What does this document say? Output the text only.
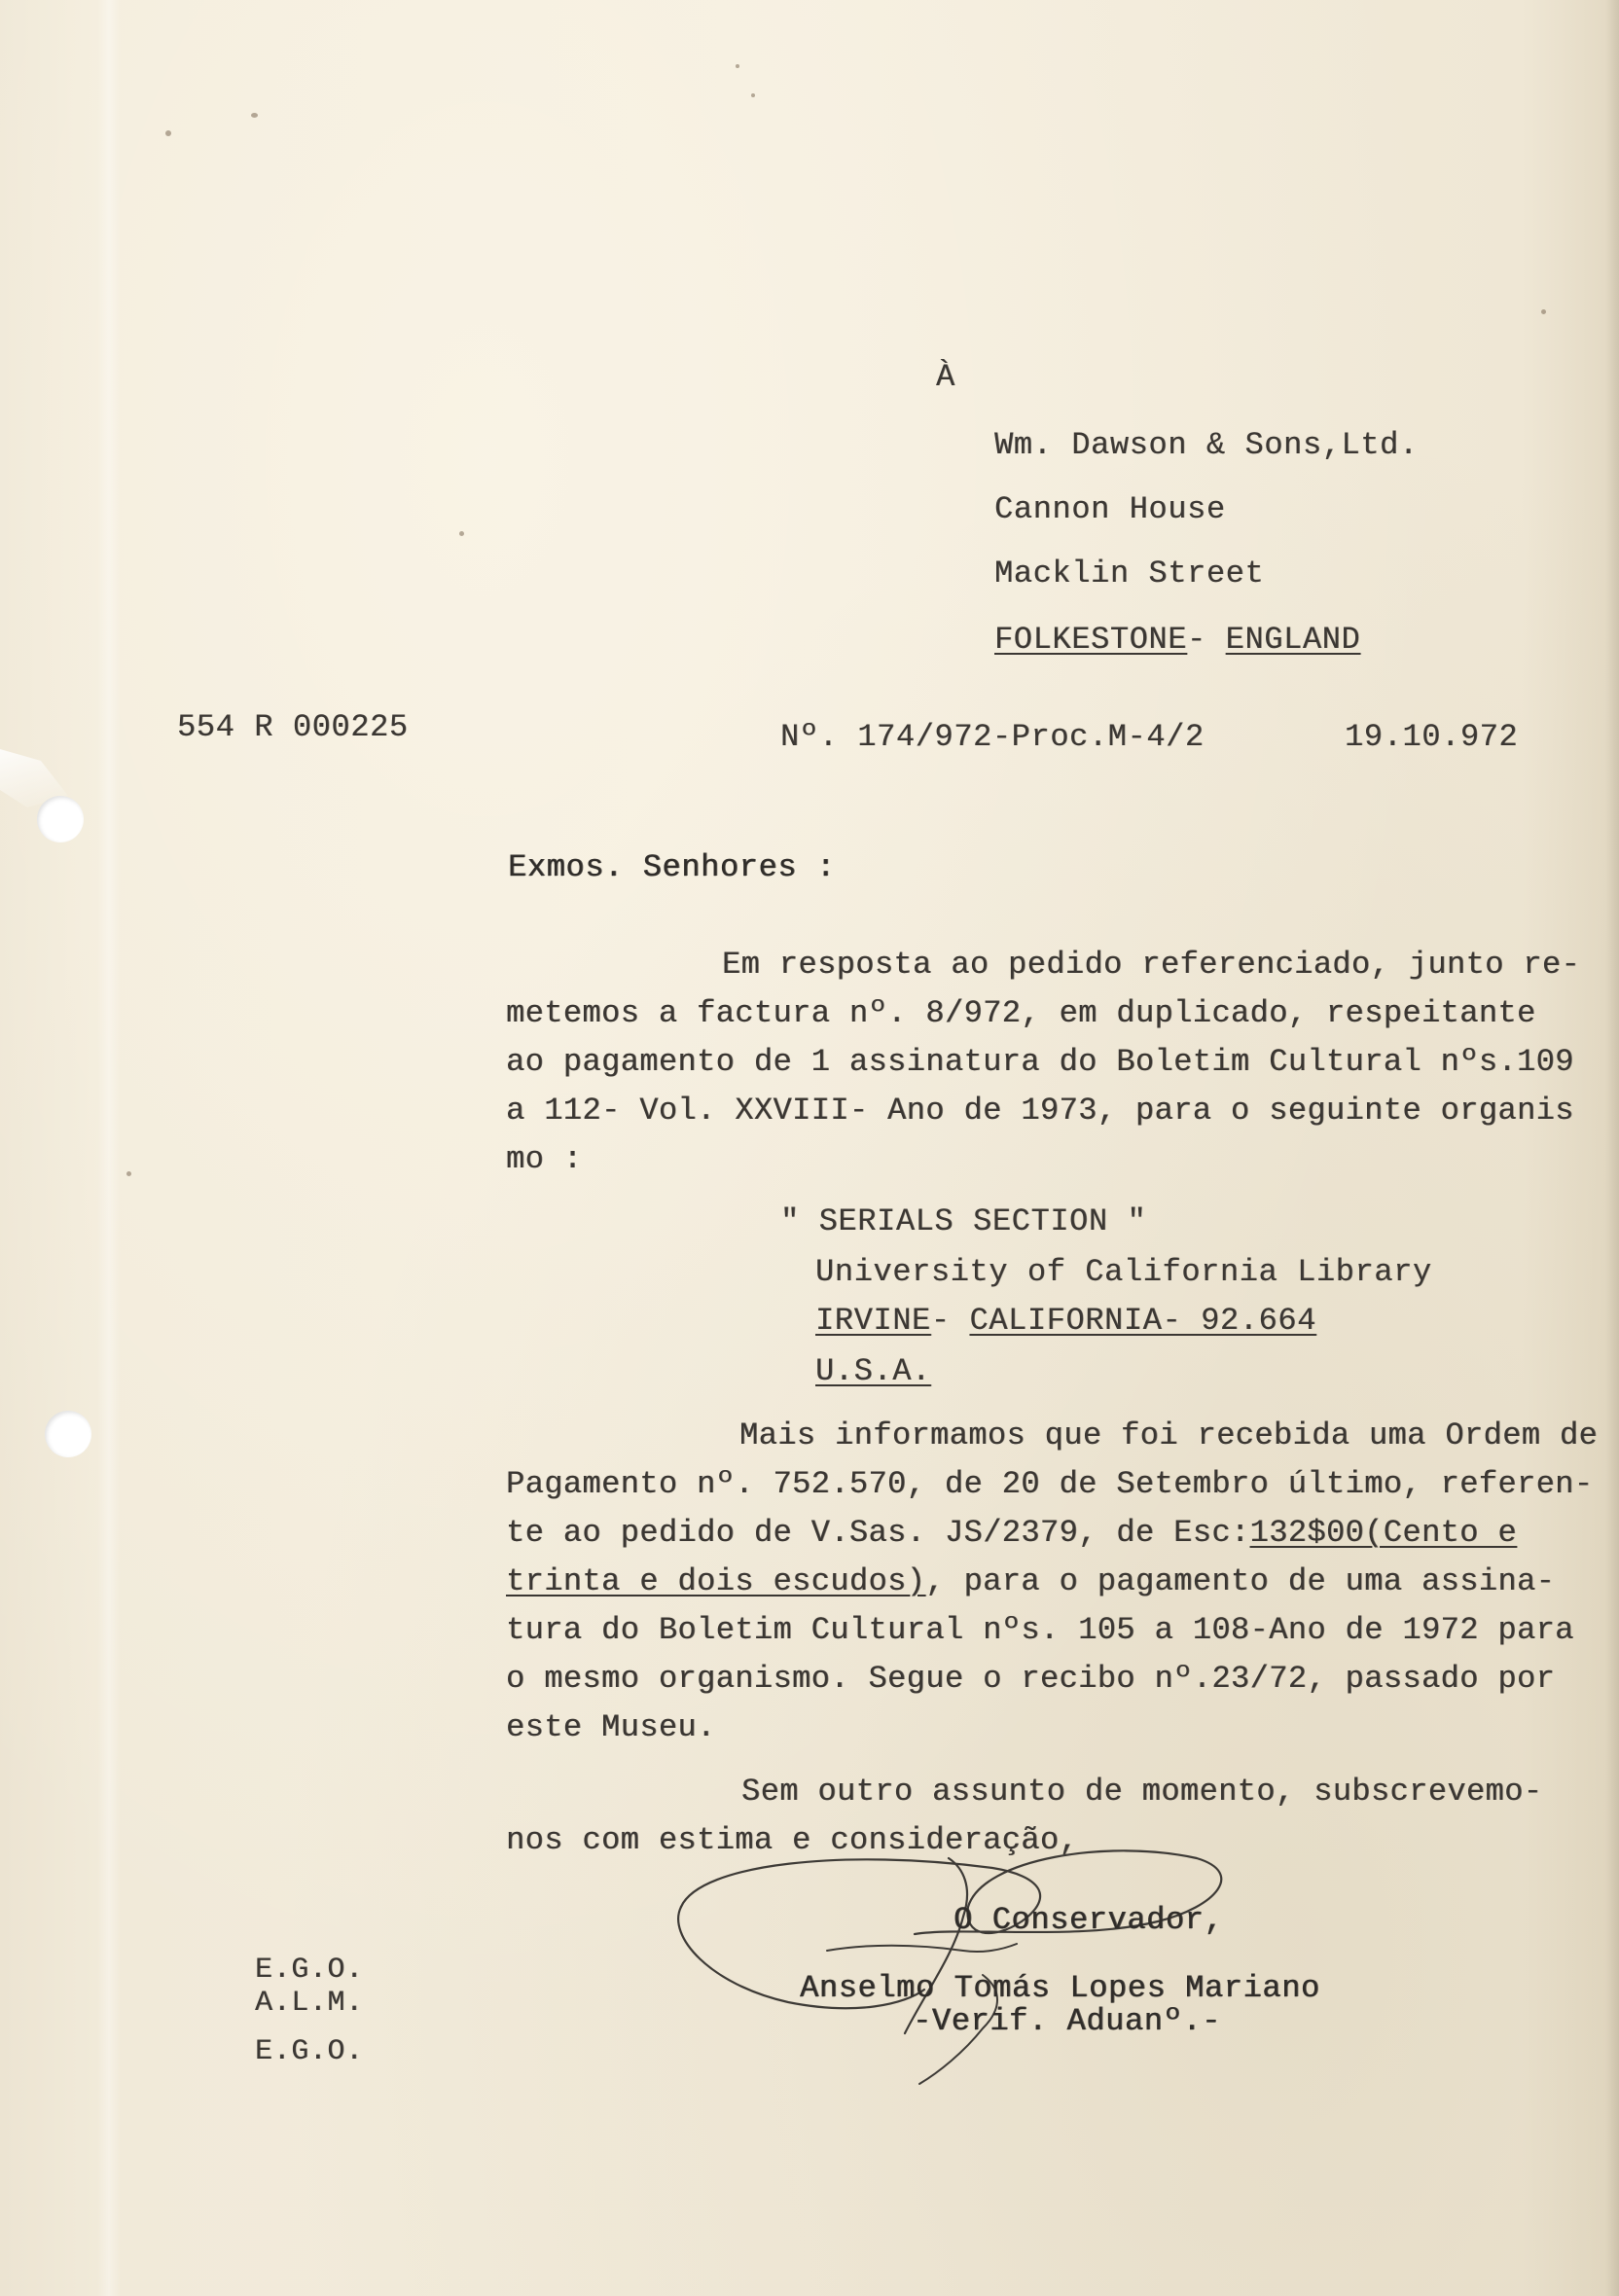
À

Wm. Dawson & Sons,Ltd.

Cannon House

Macklin Street

FOLKESTONE- ENGLAND

554 R 000225	Nº. 174/972-Proc.M-4/2	19.10.972

Exmos. Senhores :

Em resposta ao pedido referenciado, junto re-

metemos a factura nº. 8/972, em duplicado, respeitante

ao pagamento de 1 assinatura do Boletim Cultural nºs.109

a 112- Vol. XXVIII- Ano de 1973, para o seguinte organis

mo :

" SERIALS SECTION "

University of California Library

IRVINE- CALIFORNIA- 92.664

U.S.A.

Mais informamos que foi recebida uma Ordem de

Pagamento nº. 752.570, de 20 de Setembro último, referen-

te ao pedido de V.Sas. JS/2379, de Esc:132$00(Cento e

trinta e dois escudos), para o pagamento de uma assina-

tura do Boletim Cultural nºs. 105 a 108-Ano de 1972 para

o mesmo organismo. Segue o recibo nº.23/72, passado por

este Museu.

Sem outro assunto de momento, subscrevemo-

nos com estima e consideração,

O Conservador,

Anselmo Tomás Lopes Mariano

-Verif. Aduanº.-

E.G.O.

A.L.M.

E.G.O.
